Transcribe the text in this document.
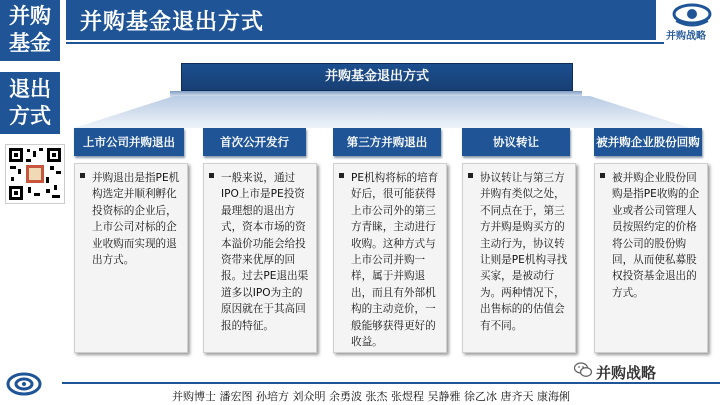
并购
基金
退出
方式
并购基金退出方式
并购战略
并购基金退出方式
上市公司并购退出	首次公开发行	第三方并购退出	协议转让	被并购企业股份回购
并购退出是指PE机构选定并顺利孵化投资标的企业后，上市公司对标的企业收购而实现的退出方式。
一般来说，通过IPO上市是PE投资最理想的退出方式，资本市场的资本溢价功能会给投资带来优厚的回报。过去PE退出渠道多以IPO为主的原因就在于其高回报的特征。
PE机构将标的培育好后，很可能获得上市公司外的第三方青睐，主动进行收购。这种方式与上市公司并购一样，属于并购退出，而且有外部机构的主动竞价，一般能够获得更好的收益。
协议转让与第三方并购有类似之处，不同点在于，第三方并购是购买方的主动行为，协议转让则是PE机构寻找买家，是被动行为。两种情况下，出售标的的估值会有不同。
被并购企业股份回购是指PE收购的企业或者公司管理人员按照约定的价格将公司的股份购回，从而使私募股权投资基金退出的方式。
并购战略
并购博士 潘宏图 孙培方 刘众明 余勇波 张杰 张煜程 吴静雅 徐乙冰 唐齐天 康海俐
